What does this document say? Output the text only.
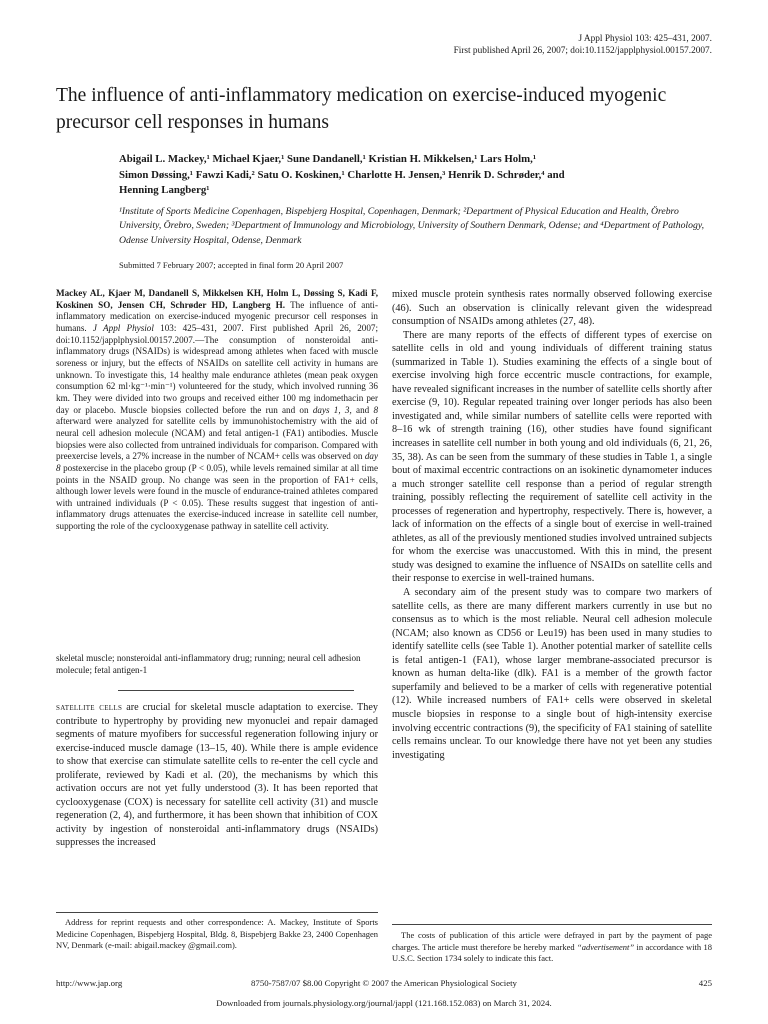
J Appl Physiol 103: 425–431, 2007.
First published April 26, 2007; doi:10.1152/japplphysiol.00157.2007.
The influence of anti-inflammatory medication on exercise-induced myogenic precursor cell responses in humans
Abigail L. Mackey,¹ Michael Kjaer,¹ Sune Dandanell,¹ Kristian H. Mikkelsen,¹ Lars Holm,¹
Simon Døssing,¹ Fawzi Kadi,² Satu O. Koskinen,¹ Charlotte H. Jensen,³ Henrik D. Schrøder,⁴ and
Henning Langberg¹
¹Institute of Sports Medicine Copenhagen, Bispebjerg Hospital, Copenhagen, Denmark; ²Department of Physical Education and Health, Örebro University, Örebro, Sweden; ³Department of Immunology and Microbiology, University of Southern Denmark, Odense; and ⁴Department of Pathology, Odense University Hospital, Odense, Denmark
Submitted 7 February 2007; accepted in final form 20 April 2007
Mackey AL, Kjaer M, Dandanell S, Mikkelsen KH, Holm L, Døssing S, Kadi F, Koskinen SO, Jensen CH, Schrøder HD, Langberg H. The influence of anti-inflammatory medication on exercise-induced myogenic precursor cell responses in humans. J Appl Physiol 103: 425–431, 2007. First published April 26, 2007; doi:10.1152/japplphysiol.00157.2007.—The consumption of nonsteroidal anti-inflammatory drugs (NSAIDs) is widespread among athletes when faced with muscle soreness or injury, but the effects of NSAIDs on satellite cell activity in humans are unknown. To investigate this, 14 healthy male endurance athletes (mean peak oxygen consumption 62 ml·kg⁻¹·min⁻¹) volunteered for the study, which involved running 36 km. They were divided into two groups and received either 100 mg indomethacin per day or placebo. Muscle biopsies collected before the run and on days 1, 3, and 8 afterward were analyzed for satellite cells by immunohistochemistry with the aid of neural cell adhesion molecule (NCAM) and fetal antigen-1 (FA1) antibodies. Muscle biopsies were also collected from untrained individuals for comparison. Compared with preexercise levels, a 27% increase in the number of NCAM+ cells was observed on day 8 postexercise in the placebo group (P < 0.05), while levels remained similar at all time points in the NSAID group. No change was seen in the proportion of FA1+ cells, although lower levels were found in the muscle of endurance-trained athletes compared with untrained individuals (P < 0.05). These results suggest that ingestion of anti-inflammatory drugs attenuates the exercise-induced increase in satellite cell number, supporting the role of the cyclooxygenase pathway in satellite cell activity.
skeletal muscle; nonsteroidal anti-inflammatory drug; running; neural cell adhesion molecule; fetal antigen-1
satellite cells are crucial for skeletal muscle adaptation to exercise. They contribute to hypertrophy by providing new myonuclei and repair damaged segments of mature myofibers for successful regeneration following injury or exercise-induced muscle damage (13–15, 40). While there is ample evidence to show that exercise can stimulate satellite cells to re-enter the cell cycle and proliferate, reviewed by Kadi et al. (20), the mechanisms by which this activation occurs are not yet fully understood (3). It has been reported that cyclooxygenase (COX) is necessary for satellite cell activity (31) and muscle regeneration (2, 4), and furthermore, it has been shown that inhibition of COX activity by ingestion of nonsteroidal anti-inflammatory drugs (NSAIDs) suppresses the increased

mixed muscle protein synthesis rates normally observed following exercise (46). Such an observation is clinically relevant given the widespread consumption of NSAIDs among athletes (27, 48).

There are many reports of the effects of different types of exercise on satellite cells in old and young individuals of different training status (summarized in Table 1). Studies examining the effects of a single bout of exercise involving high force eccentric muscle contractions, for example, have revealed significant increases in the number of satellite cells shortly after exercise (9, 10). Regular repeated training over longer periods has also been investigated and, while similar numbers of satellite cells were reported with 8–16 wk of strength training (16), other studies have found significant increases in satellite cell number in both young and old individuals (6, 21, 26, 35, 38). As can be seen from the summary of these studies in Table 1, a single bout of maximal eccentric contractions on an isokinetic dynamometer induces a much stronger satellite cell response than a period of regular strength training, possibly reflecting the requirement of satellite cell activity in the processes of regeneration and hypertrophy, respectively. There is, however, a lack of information on the effects of a single bout of exercise in well-trained athletes, as all of the previously mentioned studies involved untrained subjects for whom the exercise was unaccustomed. With this in mind, the present study was designed to examine the influence of NSAIDs on satellite cells and their response to exercise in well-trained humans.

A secondary aim of the present study was to compare two markers of satellite cells, as there are many different markers currently in use but no consensus as to which is the most reliable. Neural cell adhesion molecule (NCAM; also known as CD56 or Leu19) has been used in many studies to identify satellite cells (see Table 1). Another potential marker of satellite cells is fetal antigen-1 (FA1), whose larger membrane-associated precursor is known as human delta-like (dlk). FA1 is a member of the growth factor superfamily and believed to be a marker of cells with regenerative potential (12). While increased numbers of FA1+ cells were observed in skeletal muscle biopsies in response to a single bout of high-intensity exercise involving eccentric contractions (9), the specificity of FA1 staining of satellite cells remains unclear. To our knowledge there have not yet been any studies investigating

Address for reprint requests and other correspondence: A. Mackey, Institute of Sports Medicine Copenhagen, Bispebjerg Hospital, Bldg. 8, Bispebjerg Bakke 23, 2400 Copenhagen NV, Denmark (e-mail: abigail.mackey @gmail.com).
The costs of publication of this article were defrayed in part by the payment of page charges. The article must therefore be hereby marked “advertisement” in accordance with 18 U.S.C. Section 1734 solely to indicate this fact.
http://www.jap.org	8750-7587/07 $8.00 Copyright © 2007 the American Physiological Society	425
Downloaded from journals.physiology.org/journal/jappl (121.168.152.083) on March 31, 2024.
